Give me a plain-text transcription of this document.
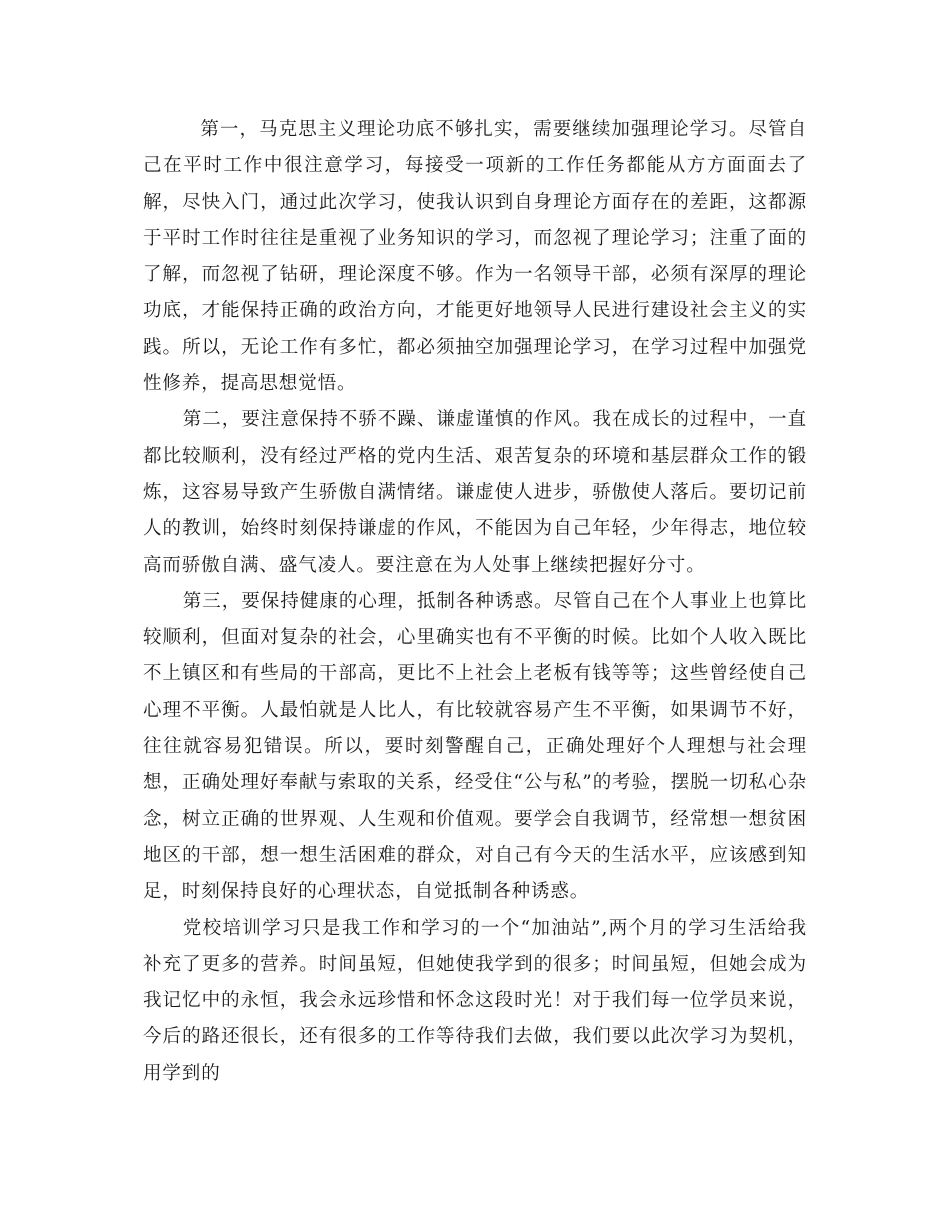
第一，马克思主义理论功底不够扎实，需要继续加强理论学习。尽管自己在平时工作中很注意学习，每接受一项新的工作任务都能从方方面面去了解，尽快入门，通过此次学习，使我认识到自身理论方面存在的差距，这都源于平时工作时往往是重视了业务知识的学习，而忽视了理论学习；注重了面的了解，而忽视了钻研，理论深度不够。作为一名领导干部，必须有深厚的理论功底，才能保持正确的政治方向，才能更好地领导人民进行建设社会主义的实践。所以，无论工作有多忙，都必须抽空加强理论学习，在学习过程中加强党性修养，提高思想觉悟。

第二，要注意保持不骄不躁、谦虚谨慎的作风。我在成长的过程中，一直都比较顺利，没有经过严格的党内生活、艰苦复杂的环境和基层群众工作的锻炼，这容易导致产生骄傲自满情绪。谦虚使人进步，骄傲使人落后。要切记前人的教训，始终时刻保持谦虚的作风，不能因为自己年轻，少年得志，地位较高而骄傲自满、盛气凌人。要注意在为人处事上继续把握好分寸。

第三，要保持健康的心理，抵制各种诱惑。尽管自己在个人事业上也算比较顺利，但面对复杂的社会，心里确实也有不平衡的时候。比如个人收入既比不上镇区和有些局的干部高，更比不上社会上老板有钱等等；这些曾经使自己心理不平衡。人最怕就是人比人，有比较就容易产生不平衡，如果调节不好，往往就容易犯错误。所以，要时刻警醒自己，正确处理好个人理想与社会理想，正确处理好奉献与索取的关系，经受住“公与私”的考验，摆脱一切私心杂念，树立正确的世界观、人生观和价值观。要学会自我调节，经常想一想贫困地区的干部，想一想生活困难的群众，对自己有今天的生活水平，应该感到知足，时刻保持良好的心理状态，自觉抵制各种诱惑。

党校培训学习只是我工作和学习的一个“加油站”,两个月的学习生活给我补充了更多的营养。时间虽短，但她使我学到的很多；时间虽短，但她会成为我记忆中的永恒，我会永远珍惜和怀念这段时光！对于我们每一位学员来说，今后的路还很长，还有很多的工作等待我们去做，我们要以此次学习为契机，用学到的
